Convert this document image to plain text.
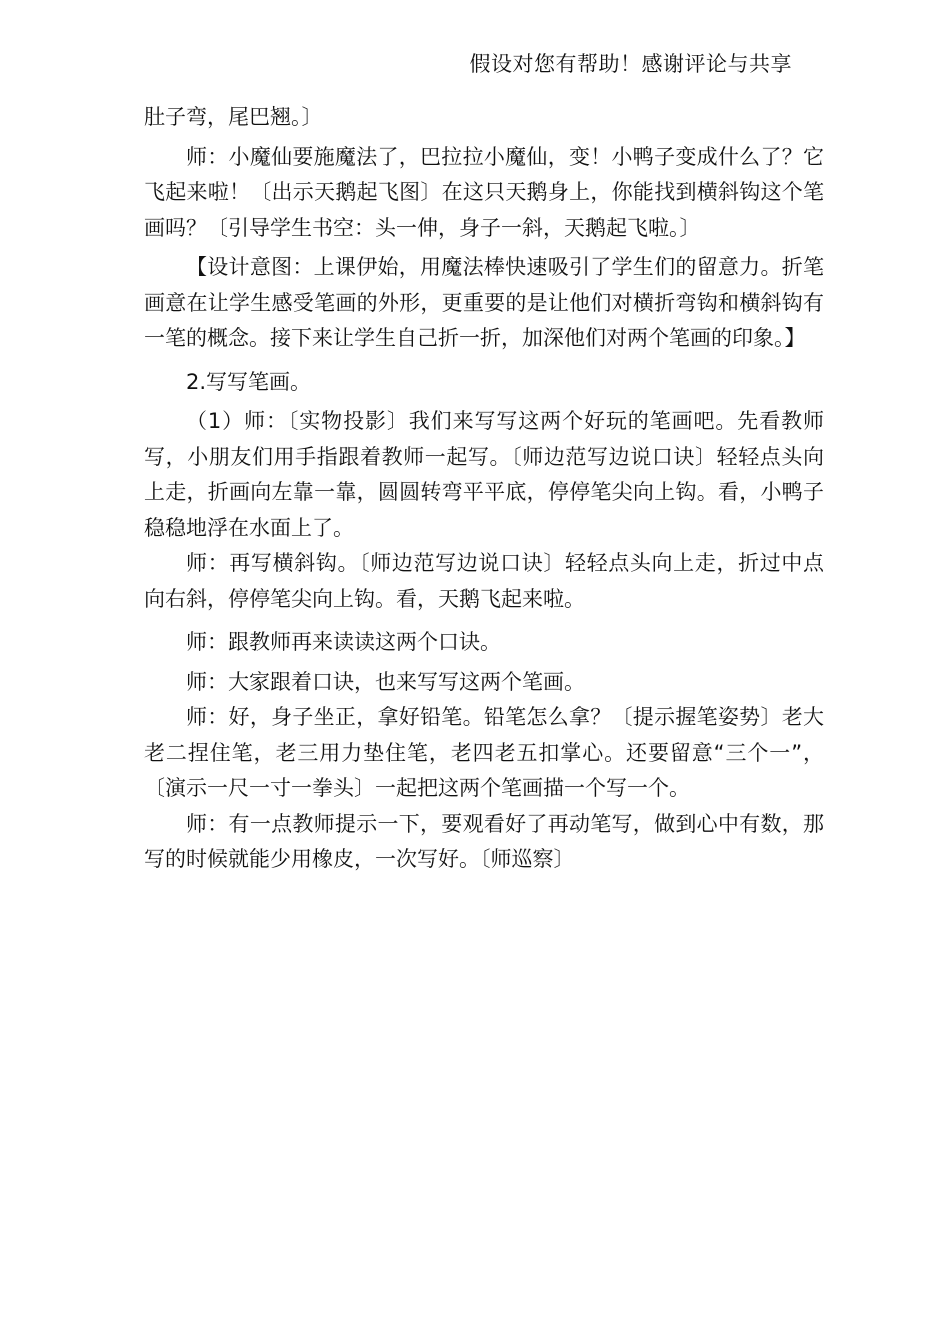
假设对您有帮助！感谢评论与共享

肚子弯，尾巴翘。〕

师：小魔仙要施魔法了，巴拉拉小魔仙，变！小鸭子变成什么了？它飞起来啦！〔出示天鹅起飞图〕在这只天鹅身上，你能找到横斜钩这个笔画吗？〔引导学生书空：头一伸，身子一斜，天鹅起飞啦。〕

【设计意图：上课伊始，用魔法棒快速吸引了学生们的留意力。折笔画意在让学生感受笔画的外形，更重要的是让他们对横折弯钩和横斜钩有一笔的概念。接下来让学生自己折一折，加深他们对两个笔画的印象。】

2.写写笔画。

（1）师：〔实物投影〕我们来写写这两个好玩的笔画吧。先看教师写，小朋友们用手指跟着教师一起写。〔师边范写边说口诀〕轻轻点头向上走，折画向左靠一靠，圆圆转弯平平底，停停笔尖向上钩。看，小鸭子稳稳地浮在水面上了。

师：再写横斜钩。〔师边范写边说口诀〕轻轻点头向上走，折过中点向右斜，停停笔尖向上钩。看，天鹅飞起来啦。

师：跟教师再来读读这两个口诀。

师：大家跟着口诀，也来写写这两个笔画。

师：好，身子坐正，拿好铅笔。铅笔怎么拿？〔提示握笔姿势〕老大老二捏住笔，老三用力垫住笔，老四老五扣掌心。还要留意“三个一”，〔演示一尺一寸一拳头〕一起把这两个笔画描一个写一个。

师：有一点教师提示一下，要观看好了再动笔写，做到心中有数，那写的时候就能少用橡皮，一次写好。〔师巡察〕
